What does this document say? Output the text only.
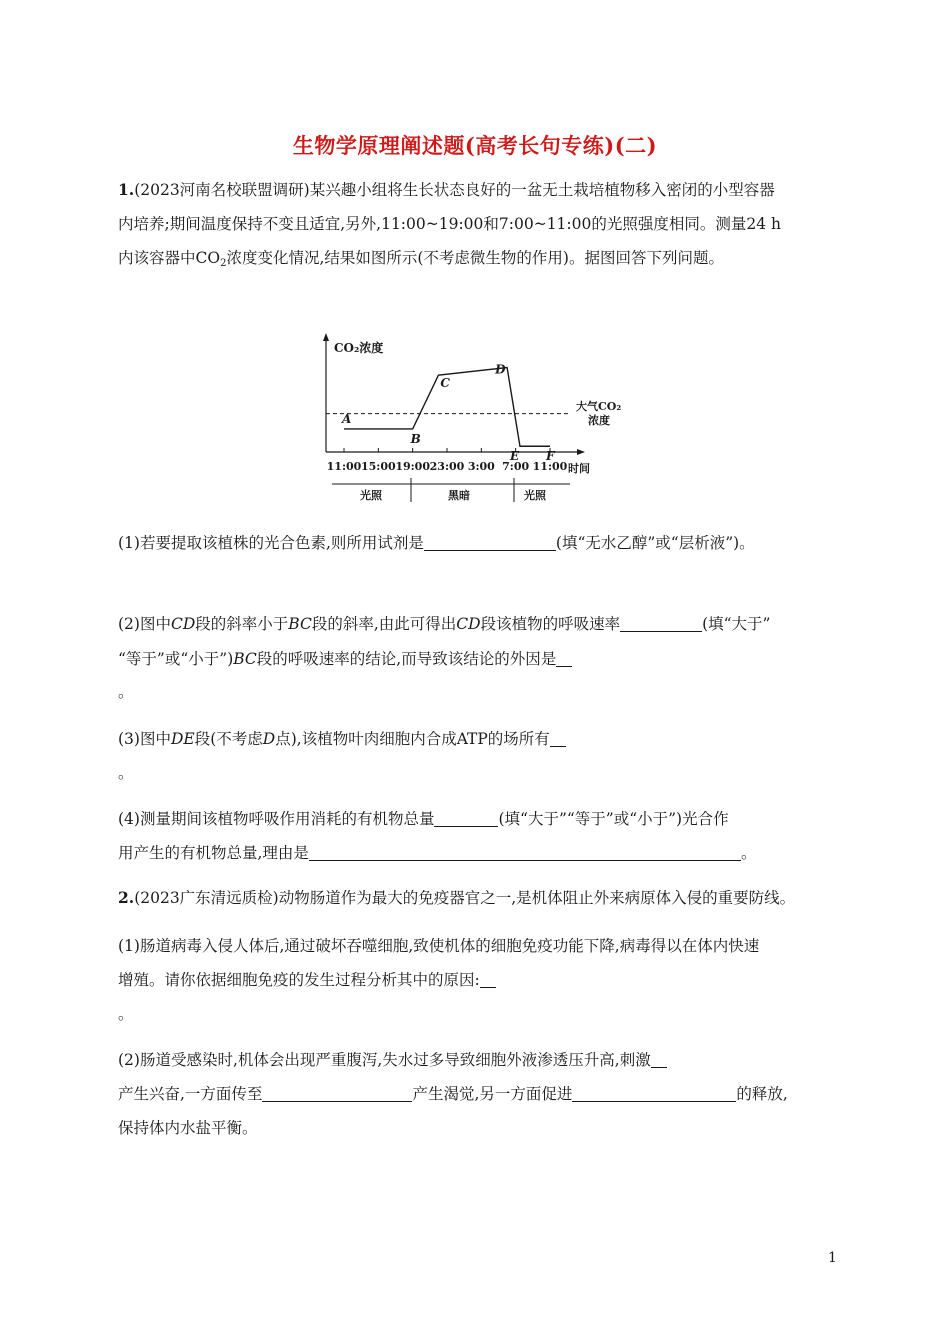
生物学原理阐述题(高考长句专练)(二)
1.(2023河南名校联盟调研)某兴趣小组将生长状态良好的一盆无土栽培植物移入密闭的小型容器
内培养;期间温度保持不变且适宜,另外,11:00~19:00和7:00~11:00的光照强度相同。测量24 h
内该容器中$CO_2$浓度变化情况,结果如图所示(不考虑微生物的作用)。据图回答下列问题。
CO₂浓度
时间
光照	黑暗	光照
大气CO₂
浓度
A
B
C
D
E F
11:00 15:00 19:00 23:00 3:00 7:00 11:00
(1)若要提取该植株的光合色素,则所用试剂是	(填“无水乙醇”或“层析液”)。
(2)图中CD段的斜率小于BC段的斜率,由此可得出CD段该植物的呼吸速率	(填“大于”
“等于”或“小于”)BC段的呼吸速率的结论,而导致该结论的外因是
。
(3)图中DE段(不考虑D点),该植物叶肉细胞内合成ATP的场所有
。
(4)测量期间该植物呼吸作用消耗的有机物总量	(填“大于”“等于”或“小于”)光合作
用产生的有机物总量,理由是	。
2.(2023广东清远质检)动物肠道作为最大的免疫器官之一,是机体阻止外来病原体入侵的重要防线。
(1)肠道病毒入侵人体后,通过破坏吞噬细胞,致使机体的细胞免疫功能下降,病毒得以在体内快速
增殖。请你依据细胞免疫的发生过程分析其中的原因:
。
(2)肠道受感染时,机体会出现严重腹泻,失水过多导致细胞外液渗透压升高,刺激
产生兴奋,一方面传至	产生渴觉,另一方面促进	的释放,
保持体内水盐平衡。
1
